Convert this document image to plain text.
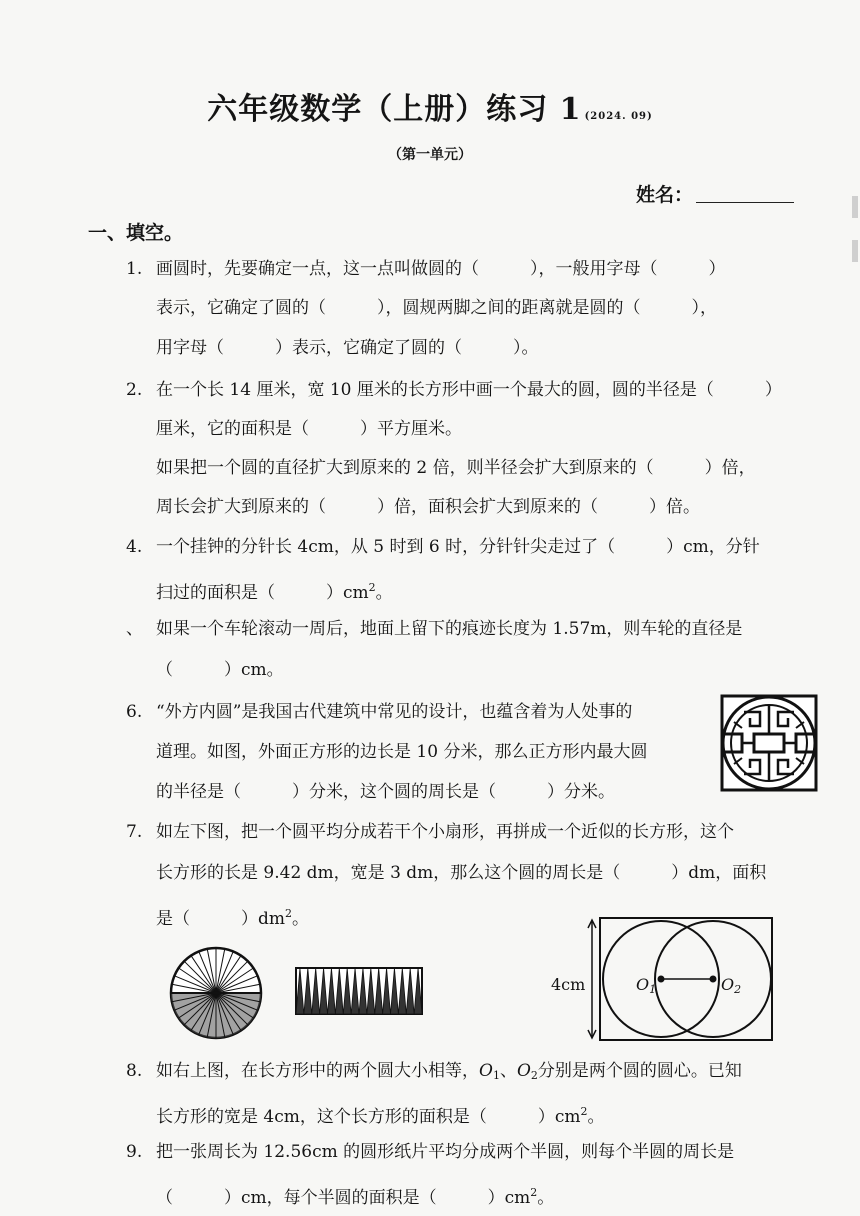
六年级数学（上册）练习 1 (2024. 09)
（第一单元）
姓名：
一、填空。
1. 画圆时，先要确定一点，这一点叫做圆的（　　　），一般用字母（　　　）
表示，它确定了圆的（　　　），圆规两脚之间的距离就是圆的（　　　），
用字母（　　　）表示，它确定了圆的（　　　）。
2. 在一个长 14 厘米，宽 10 厘米的长方形中画一个最大的圆，圆的半径是（　　　）
厘米，它的面积是（　　　）平方厘米。
如果把一个圆的直径扩大到原来的 2 倍，则半径会扩大到原来的（　　　）倍，
周长会扩大到原来的（　　　）倍，面积会扩大到原来的（　　　）倍。
4. 一个挂钟的分针长 4cm，从 5 时到 6 时，分针针尖走过了（　　　）cm，分针
扫过的面积是（　　　）$cm^2$。
、 如果一个车轮滚动一周后，地面上留下的痕迹长度为 1.57m，则车轮的直径是
（　　　）cm。
6. “外方内圆”是我国古代建筑中常见的设计，也蕴含着为人处事的
道理。如图，外面正方形的边长是 10 分米，那么正方形内最大圆
的半径是（　　　）分米，这个圆的周长是（　　　）分米。
7. 如左下图，把一个圆平均分成若干个小扇形，再拼成一个近似的长方形，这个
长方形的长是 9.42 dm，宽是 3 dm，那么这个圆的周长是（　　　）dm，面积
是（　　　）$dm^2$。
4cm	$O_1$	$O_2$
8. 如右上图，在长方形中的两个圆大小相等，$O_1$、$O_2$分别是两个圆的圆心。已知
长方形的宽是 4cm，这个长方形的面积是（　　　）$cm^2$。
9. 把一张周长为 12.56cm 的圆形纸片平均分成两个半圆，则每个半圆的周长是
（　　　）cm，每个半圆的面积是（　　　）$cm^2$。
